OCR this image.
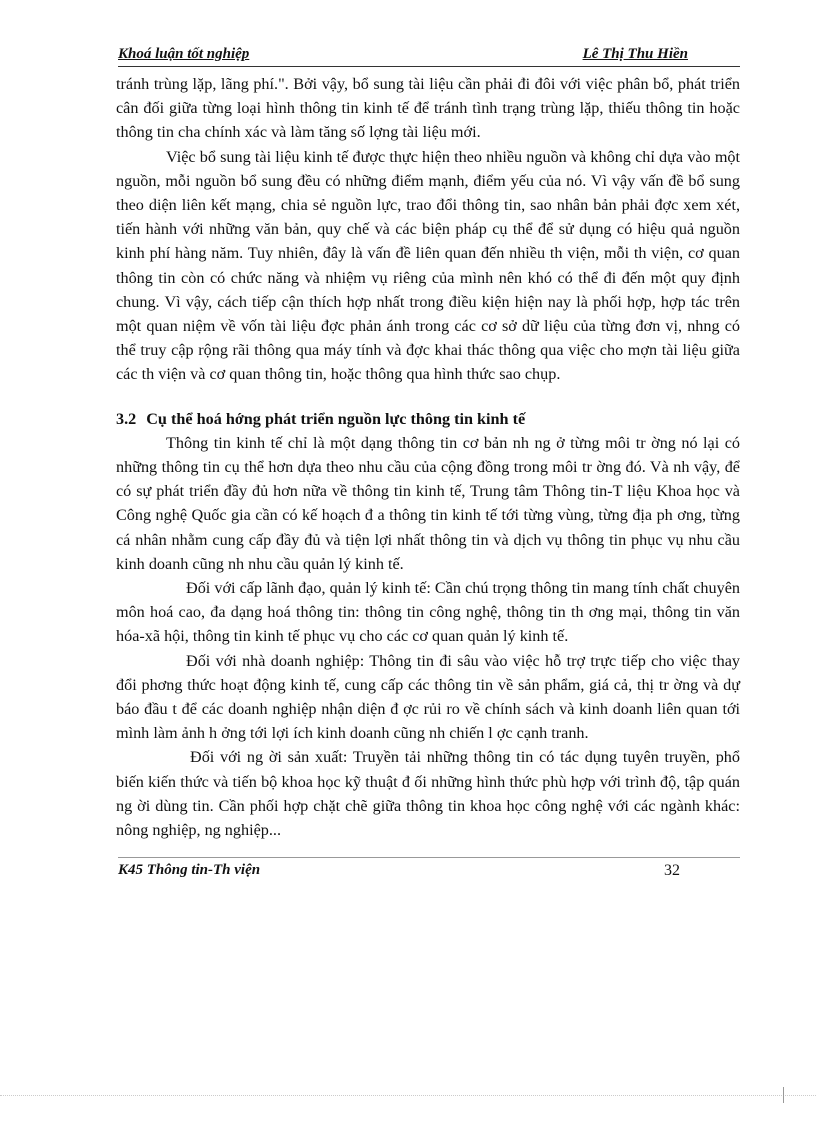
Khoá luận tốt nghiệp	Lê Thị Thu Hiền

tránh trùng lặp, lãng phí.". Bởi vậy, bổ sung tài liệu cần phải đi đôi với việc phân bổ, phát triển cân đối giữa từng loại hình thông tin kinh tế để tránh tình trạng trùng lặp, thiếu thông tin hoặc thông tin cha chính xác và làm tăng số lợng tài liệu mới.

Việc bổ sung tài liệu kinh tế được thực hiện theo nhiều nguồn và không chỉ dựa vào một nguồn, mỗi nguồn bổ sung đều có những điểm mạnh, điểm yếu của nó. Vì vậy vấn đề bổ sung theo diện liên kết mạng, chia sẻ nguồn lực, trao đổi thông tin, sao nhân bản phải đợc xem xét, tiến hành với những văn bản, quy chế và các biện pháp cụ thể để sử dụng có hiệu quả nguồn kinh phí hàng năm. Tuy nhiên, đây là vấn đề liên quan đến nhiều th viện, mỗi th viện, cơ quan thông tin còn có chức năng và nhiệm vụ riêng của mình nên khó có thể đi đến một quy định chung. Vì vậy, cách tiếp cận thích hợp nhất trong điều kiện hiện nay là phối hợp, hợp tác trên một quan niệm về vốn tài liệu đợc phản ánh trong các cơ sở dữ liệu của từng đơn vị, nhng có thể truy cập rộng rãi thông qua máy tính và đợc khai thác thông qua việc cho mợn tài liệu giữa các th viện và cơ quan thông tin, hoặc thông qua hình thức sao chụp.

3.2 Cụ thể hoá hớng phát triển nguồn lực thông tin kinh tế

Thông tin kinh tế chỉ là một dạng thông tin cơ bản nh ng ở từng môi tr ờng nó lại có những thông tin cụ thể hơn dựa theo nhu cầu của cộng đồng trong môi tr ờng đó. Và nh vậy, để có sự phát triển đầy đủ hơn nữa về thông tin kinh tế, Trung tâm Thông tin-T liệu Khoa học và Công nghệ Quốc gia cần có kế hoạch đ a thông tin kinh tế tới từng vùng, từng địa ph ơng, từng cá nhân nhằm cung cấp đầy đủ và tiện lợi nhất thông tin và dịch vụ thông tin phục vụ nhu cầu kinh doanh cũng nh nhu cầu quản lý kinh tế.

Đối với cấp lãnh đạo, quản lý kinh tế: Cần chú trọng thông tin mang tính chất chuyên môn hoá cao, đa dạng hoá thông tin: thông tin công nghệ, thông tin th ơng mại, thông tin văn hóa-xã hội, thông tin kinh tế phục vụ cho các cơ quan quản lý kinh tế.

Đối với nhà doanh nghiệp: Thông tin đi sâu vào việc hỗ trợ trực tiếp cho việc thay đổi phơng thức hoạt động kinh tế, cung cấp các thông tin về sản phẩm, giá cả, thị tr ờng và dự báo đầu t để các doanh nghiệp nhận diện đ ợc rủi ro về chính sách và kinh doanh liên quan tới mình làm ảnh h ởng tới lợi ích kinh doanh cũng nh chiến l ợc cạnh tranh.

Đối với ng ời sản xuất: Truyền tải những thông tin có tác dụng tuyên truyền, phổ biến kiến thức và tiến bộ khoa học kỹ thuật đ ối những hình thức phù hợp với trình độ, tập quán ng ời dùng tin. Cần phối hợp chặt chẽ giữa thông tin khoa học công nghệ với các ngành khác: nông nghiệp, ng nghiệp...

K45 Thông tin-Th viện	32
